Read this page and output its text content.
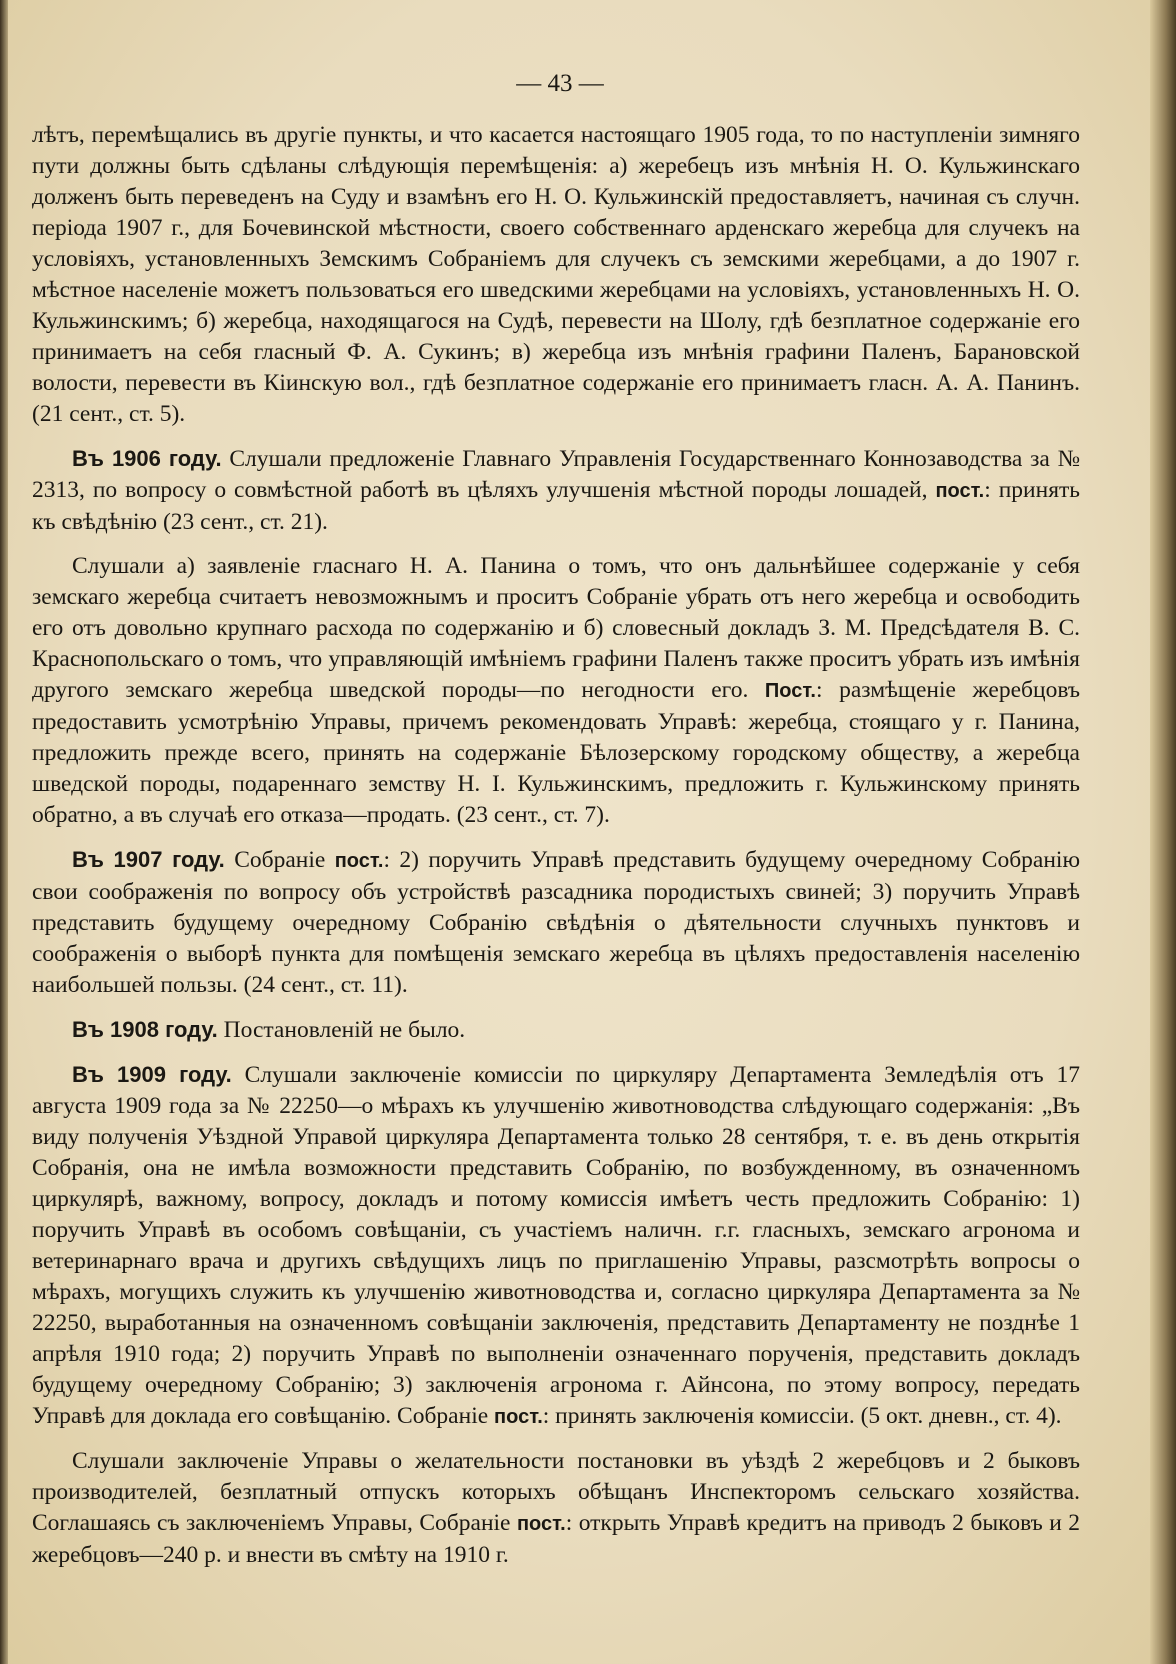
— 43 —

лѣтъ, перемѣщались въ другіе пункты, и что касается настоящаго 1905 года, то по наступленіи зимняго пути должны быть сдѣланы слѣдующія перемѣщенія: а) жеребецъ изъ мнѣнія Н. О. Кульжинскаго долженъ быть переведенъ на Суду и взамѣнъ его Н. О. Кульжинскій предоставляетъ, начиная съ случн. періода 1907 г., для Бочевинской мѣстности, своего собственнаго арденскаго жеребца для случекъ на условіяхъ, установленныхъ Земскимъ Собраніемъ для случекъ съ земскими жеребцами, а до 1907 г. мѣстное населеніе можетъ пользоваться его шведскими жеребцами на условіяхъ, установленныхъ Н. О. Кульжинскимъ; б) жеребца, находящагося на Судѣ, перевести на Шолу, гдѣ безплатное содержаніе его принимаетъ на себя гласный Ф. А. Сукинъ; в) жеребца изъ мнѣнія графини Паленъ, Барановской волости, перевести въ Кіинскую вол., гдѣ безплатное содержаніе его принимаетъ гласн. А. А. Панинъ. (21 сент., ст. 5).

Въ 1906 году. Слушали предложеніе Главнаго Управленія Государственнаго Коннозаводства за № 2313, по вопросу о совмѣстной работѣ въ цѣляхъ улучшенія мѣстной породы лошадей, пост.: принять къ свѣдѣнію (23 сент., ст. 21).

Слушали а) заявленіе гласнаго Н. А. Панина о томъ, что онъ дальнѣйшее содержаніе у себя земскаго жеребца считаетъ невозможнымъ и проситъ Собраніе убрать отъ него жеребца и освободить его отъ довольно крупнаго расхода по содержанію и б) словесный докладъ З. М. Предсѣдателя В. С. Краснопольскаго о томъ, что управляющій имѣніемъ графини Паленъ также проситъ убрать изъ имѣнія другого земскаго жеребца шведской породы—по негодности его. Пост.: размѣщеніе жеребцовъ предоставить усмотрѣнію Управы, причемъ рекомендовать Управѣ: жеребца, стоящаго у г. Панина, предложить прежде всего, принять на содержаніе Бѣлозерскому городскому обществу, а жеребца шведской породы, подареннаго земству Н. І. Кульжинскимъ, предложить г. Кульжинскому принять обратно, а въ случаѣ его отказа—продать. (23 сент., ст. 7).

Въ 1907 году. Собраніе пост.: 2) поручить Управѣ представить будущему очередному Собранію свои соображенія по вопросу объ устройствѣ разсадника породистыхъ свиней; 3) поручить Управѣ представить будущему очередному Собранію свѣдѣнія о дѣятельности случныхъ пунктовъ и соображенія о выборѣ пункта для помѣщенія земскаго жеребца въ цѣляхъ предоставленія населенію наибольшей пользы. (24 сент., ст. 11).

Въ 1908 году. Постановленій не было.

Въ 1909 году. Слушали заключеніе комиссіи по циркуляру Департамента Земледѣлія отъ 17 августа 1909 года за № 22250—о мѣрахъ къ улучшенію животноводства слѣдующаго содержанія: „Въ виду полученія Уѣздной Управой циркуляра Департамента только 28 сентября, т. е. въ день открытія Собранія, она не имѣла возможности представить Собранію, по возбужденному, въ означенномъ циркулярѣ, важному, вопросу, докладъ и потому комиссія имѣетъ честь предложить Собранію: 1) поручить Управѣ въ особомъ совѣщаніи, съ участіемъ наличн. г.г. гласныхъ, земскаго агронома и ветеринарнаго врача и другихъ свѣдущихъ лицъ по приглашенію Управы, разсмотрѣть вопросы о мѣрахъ, могущихъ служить къ улучшенію животноводства и, согласно циркуляра Департамента за № 22250, выработанныя на означенномъ совѣщаніи заключенія, представить Департаменту не позднѣе 1 апрѣля 1910 года; 2) поручить Управѣ по выполненіи означеннаго порученія, представить докладъ будущему очередному Собранію; 3) заключенія агронома г. Айнсона, по этому вопросу, передать Управѣ для доклада его совѣщанію. Собраніе пост.: принять заключенія комиссіи. (5 окт. дневн., ст. 4).

Слушали заключеніе Управы о желательности постановки въ уѣздѣ 2 жеребцовъ и 2 быковъ производителей, безплатный отпускъ которыхъ обѣщанъ Инспекторомъ сельскаго хозяйства. Соглашаясь съ заключеніемъ Управы, Собраніе пост.: открыть Управѣ кредитъ на приводъ 2 быковъ и 2 жеребцовъ—240 р. и внести въ смѣту на 1910 г.
